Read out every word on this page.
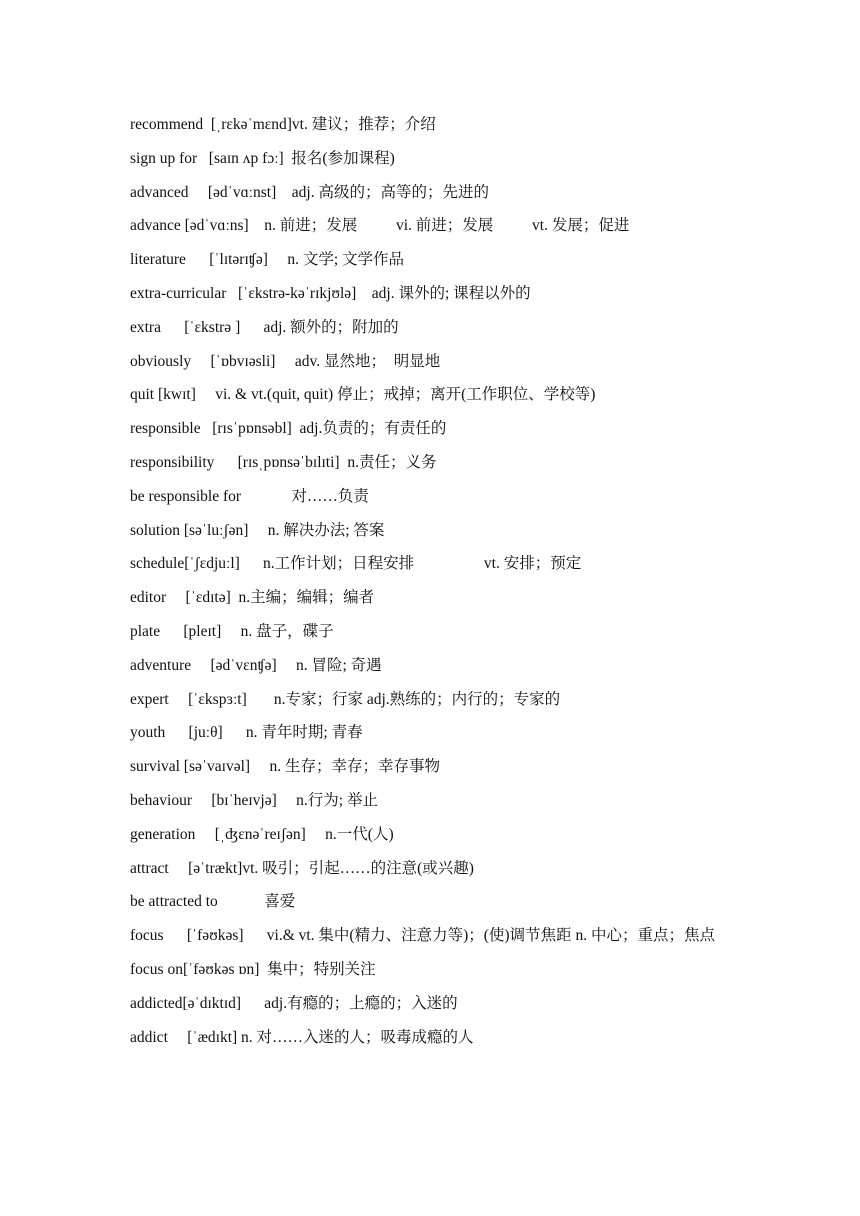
recommend  [ˌrɛkəˈmɛnd]vt. 建议；推荐；介绍
sign up for   [saɪn ʌp fɔː]  报名(参加课程)
advanced     [ədˈvɑːnst]    adj. 高级的；高等的；先进的
advance [ədˈvɑːns]    n. 前进；发展          vi. 前进；发展          vt. 发展；促进
literature      [ˈlɪtərɪʧə]     n. 文学; 文学作品
extra-curricular   [ˈɛkstrə-kəˈrɪkjʊlə]    adj. 课外的; 课程以外的
extra      [ˈɛkstrə ]      adj. 额外的；附加的
obviously     [ˈɒbvɪəsli]     adv. 显然地；  明显地
quit [kwɪt]     vi. & vt.(quit, quit) 停止；戒掉；离开(工作职位、学校等)
responsible   [rɪsˈpɒnsəbl]  adj.负责的；有责任的
responsibility      [rɪsˌpɒnsəˈbɪlɪti]  n.责任；义务
be responsible for             对……负责
solution [səˈluːʃən]     n. 解决办法; 答案
schedule[ˈʃɛdjuːl]      n.工作计划；日程安排                  vt. 安排；预定
editor     [ˈɛdɪtə]  n.主编；编辑；编者
plate      [pleɪt]     n. 盘子，碟子
adventure     [ədˈvɛnʧə]     n. 冒险; 奇遇
expert     [ˈɛkspɜːt]       n.专家；行家 adj.熟练的；内行的；专家的
youth      [juːθ]      n. 青年时期; 青春
survival [səˈvaɪvəl]     n. 生存；幸存；幸存事物
behaviour     [bɪˈheɪvjə]     n.行为; 举止
generation     [ˌʤɛnəˈreɪʃən]     n.一代(人)
attract     [əˈtrækt]vt. 吸引；引起……的注意(或兴趣)
be attracted to            喜爱
focus      [ˈfəʊkəs]      vi.& vt. 集中(精力、注意力等)；(使)调节焦距 n. 中心；重点；焦点
focus on[ˈfəʊkəs ɒn]  集中；特别关注
addicted[əˈdɪktɪd]      adj.有瘾的；上瘾的；入迷的
addict     [ˈædɪkt] n. 对……入迷的人；吸毒成瘾的人
